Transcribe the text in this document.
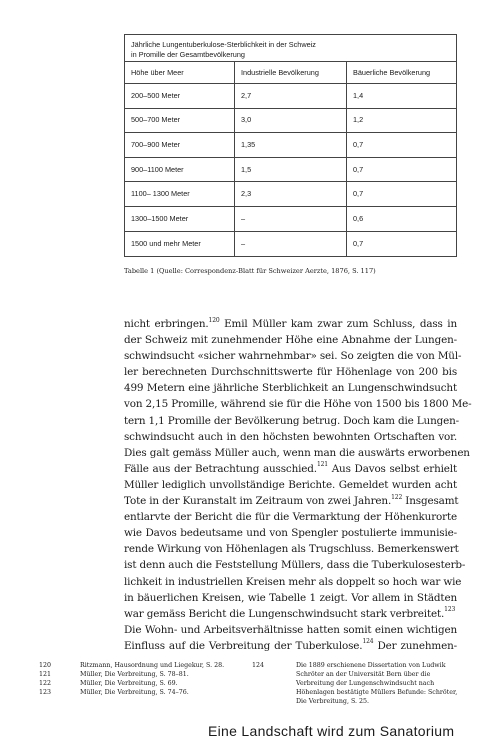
Jährliche Lungentuberkulose-Sterblichkeit in der Schweiz
in Promille der Gesamtbevölkerung
Höhe über Meer	Industrielle Bevölkerung	Bäuerliche Bevölkerung
200–500 Meter	2,7	1,4
500–700 Meter	3,0	1,2
700–900 Meter	1,35	0,7
900–1100 Meter	1,5	0,7
1100– 1300 Meter	2,3	0,7
1300–1500 Meter	–	0,6
1500 und mehr Meter	–	0,7
Tabelle 1 (Quelle: Correspondenz-Blatt für Schweizer Aerzte, 1876, S. 117)
nicht erbringen.$^{120}$ Emil Müller kam zwar zum Schluss, dass in
der Schweiz mit zunehmender Höhe eine Abnahme der Lungen-
schwindsucht «sicher wahrnehmbar» sei. So zeigten die von Mül-
ler berechneten Durchschnittswerte für Höhenlage von 200 bis
499 Metern eine jährliche Sterblichkeit an Lungenschwindsucht
von 2,15 Promille, während sie für die Höhe von 1500 bis 1800 Me-
tern 1,1 Promille der Bevölkerung betrug. Doch kam die Lungen-
schwindsucht auch in den höchsten bewohnten Ortschaften vor.
Dies galt gemäss Müller auch, wenn man die auswärts erworbenen
Fälle aus der Betrachtung ausschied.$^{121}$ Aus Davos selbst erhielt
Müller lediglich unvollständige Berichte. Gemeldet wurden acht
Tote in der Kuranstalt im Zeitraum von zwei Jahren.$^{122}$ Insgesamt
entlarvte der Bericht die für die Vermarktung der Höhenkurorte
wie Davos bedeutsame und von Spengler postulierte immunisie-
rende Wirkung von Höhenlagen als Trugschluss. Bemerkenswert
ist denn auch die Feststellung Müllers, dass die Tuberkulosesterb-
lichkeit in industriellen Kreisen mehr als doppelt so hoch war wie
in bäuerlichen Kreisen, wie Tabelle 1 zeigt. Vor allem in Städten
war gemäss Bericht die Lungenschwindsucht stark verbreitet.$^{123}$
Die Wohn- und Arbeitsverhältnisse hatten somit einen wichtigen
Einfluss auf die Verbreitung der Tuberkulose.$^{124}$ Der zunehmen-
120	Ritzmann, Hausordnung und Liegekur, S. 28.
121	Müller, Die Verbreitung, S. 78–81.
122	Müller, Die Verbreitung, S. 69.
123	Müller, Die Verbreitung, S. 74–76.
124	Die 1889 erschienene Dissertation von Ludwik
Schröter an der Universität Bern über die
Verbreitung der Lungenschwindsucht nach
Höhenlagen bestätigte Müllers Befunde: Schröter,
Die Verbreitung, S. 25.
Eine Landschaft wird zum Sanatorium
